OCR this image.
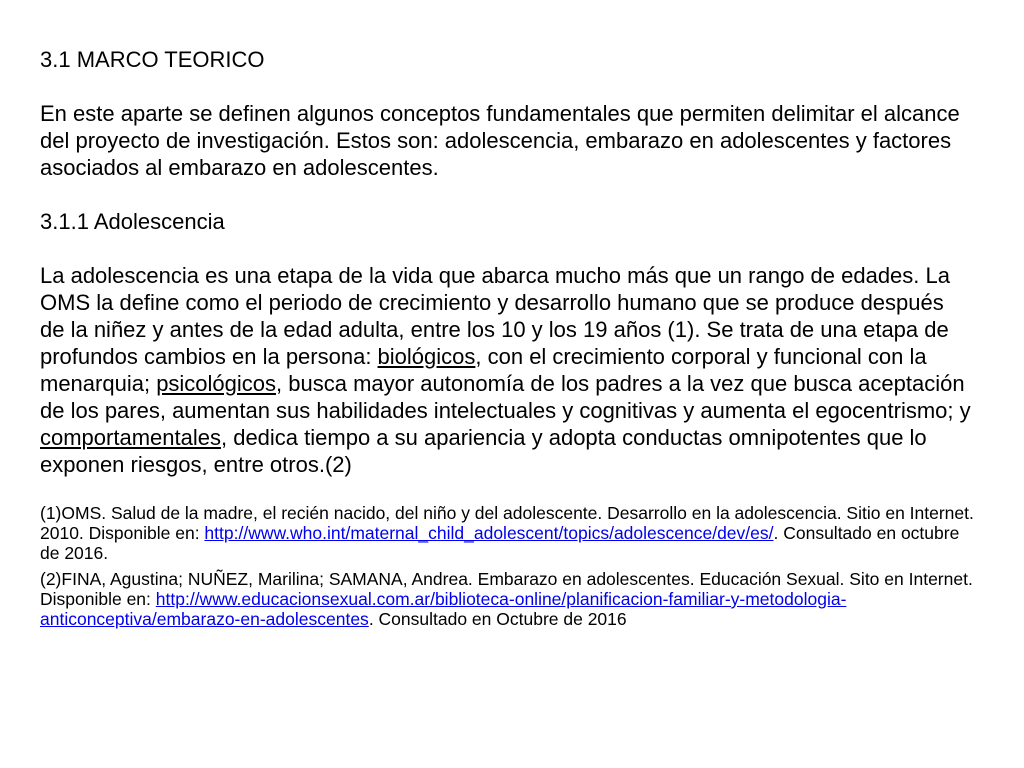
3.1 MARCO TEORICO

En este aparte se definen algunos conceptos fundamentales que permiten delimitar el alcance del proyecto de investigación. Estos son: adolescencia, embarazo en adolescentes y factores asociados al embarazo en adolescentes.

3.1.1 Adolescencia

La adolescencia es una etapa de la vida que abarca mucho más que un rango de edades. La OMS la define como el periodo de crecimiento y desarrollo humano que se produce después de la niñez y antes de la edad adulta, entre los 10 y los 19 años (1). Se trata de una etapa de profundos cambios en la persona: biológicos, con el crecimiento corporal y funcional con la menarquia; psicológicos, busca mayor autonomía de los padres a la vez que busca aceptación de los pares, aumentan sus habilidades intelectuales y cognitivas y aumenta el egocentrismo; y comportamentales, dedica tiempo a su apariencia y adopta conductas omnipotentes que lo exponen riesgos, entre otros.(2)

(1)OMS. Salud de la madre, el recién nacido, del niño y del adolescente. Desarrollo en la adolescencia. Sitio en Internet. 2010. Disponible en: http://www.who.int/maternal_child_adolescent/topics/adolescence/dev/es/. Consultado en octubre de 2016.

(2)FINA, Agustina; NUÑEZ, Marilina; SAMANA, Andrea. Embarazo en adolescentes. Educación Sexual. Sito en Internet. Disponible en: http://www.educacionsexual.com.ar/biblioteca-online/planificacion-familiar-y-metodologia-anticonceptiva/embarazo-en-adolescentes. Consultado en Octubre de 2016
